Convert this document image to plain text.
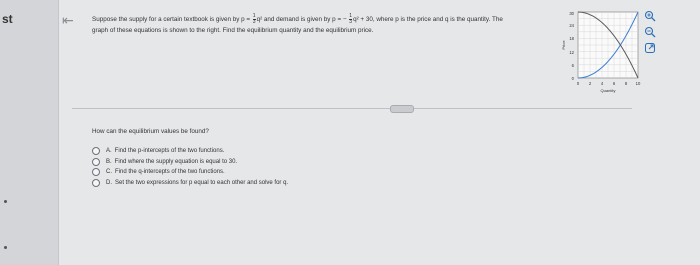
st	⇤	Suppose the supply for a certain textbook is given by $p = \frac{1}{3} q^2$ and demand is given by p = − $\frac{1}{3} q^2 + 30$, where p is the price and q is the quantity. The
graph of these equations is shown to the right. Find the equilibrium quantity and the equilibrium price.
30
24
18
12
6
0
0 2 4 6 8 10
Quantity
Price
How can the equilibrium values be found?
A. Find the p-intercepts of the two functions.
B. Find where the supply equation is equal to 30.
C. Find the q-intercepts of the two functions.
D. Set the two expressions for p equal to each other and solve for q.
